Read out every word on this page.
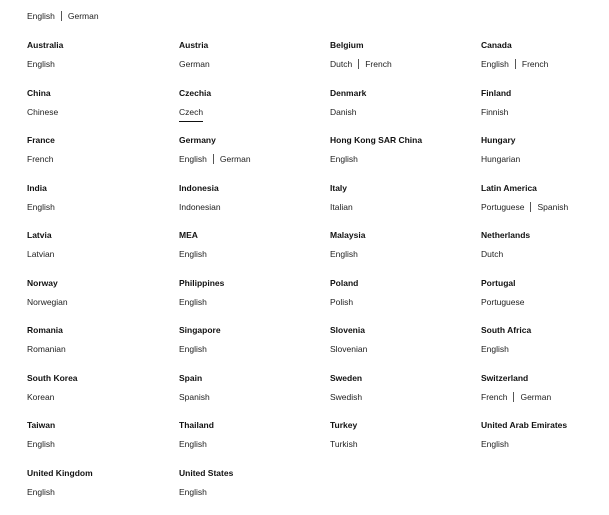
English German
Australia
English
Austria
German
Belgium
Dutch French
Canada
English French
China
Chinese
Czechia
Czech
Denmark
Danish
Finland
Finnish
France
French
Germany
English German
Hong Kong SAR China
English
Hungary
Hungarian
India
English
Indonesia
Indonesian
Italy
Italian
Latin America
Portuguese Spanish
Latvia
Latvian
MEA
English
Malaysia
English
Netherlands
Dutch
Norway
Norwegian
Philippines
English
Poland
Polish
Portugal
Portuguese
Romania
Romanian
Singapore
English
Slovenia
Slovenian
South Africa
English
South Korea
Korean
Spain
Spanish
Sweden
Swedish
Switzerland
French German
Taiwan
English
Thailand
English
Turkey
Turkish
United Arab Emirates
English
United Kingdom
English
United States
English
